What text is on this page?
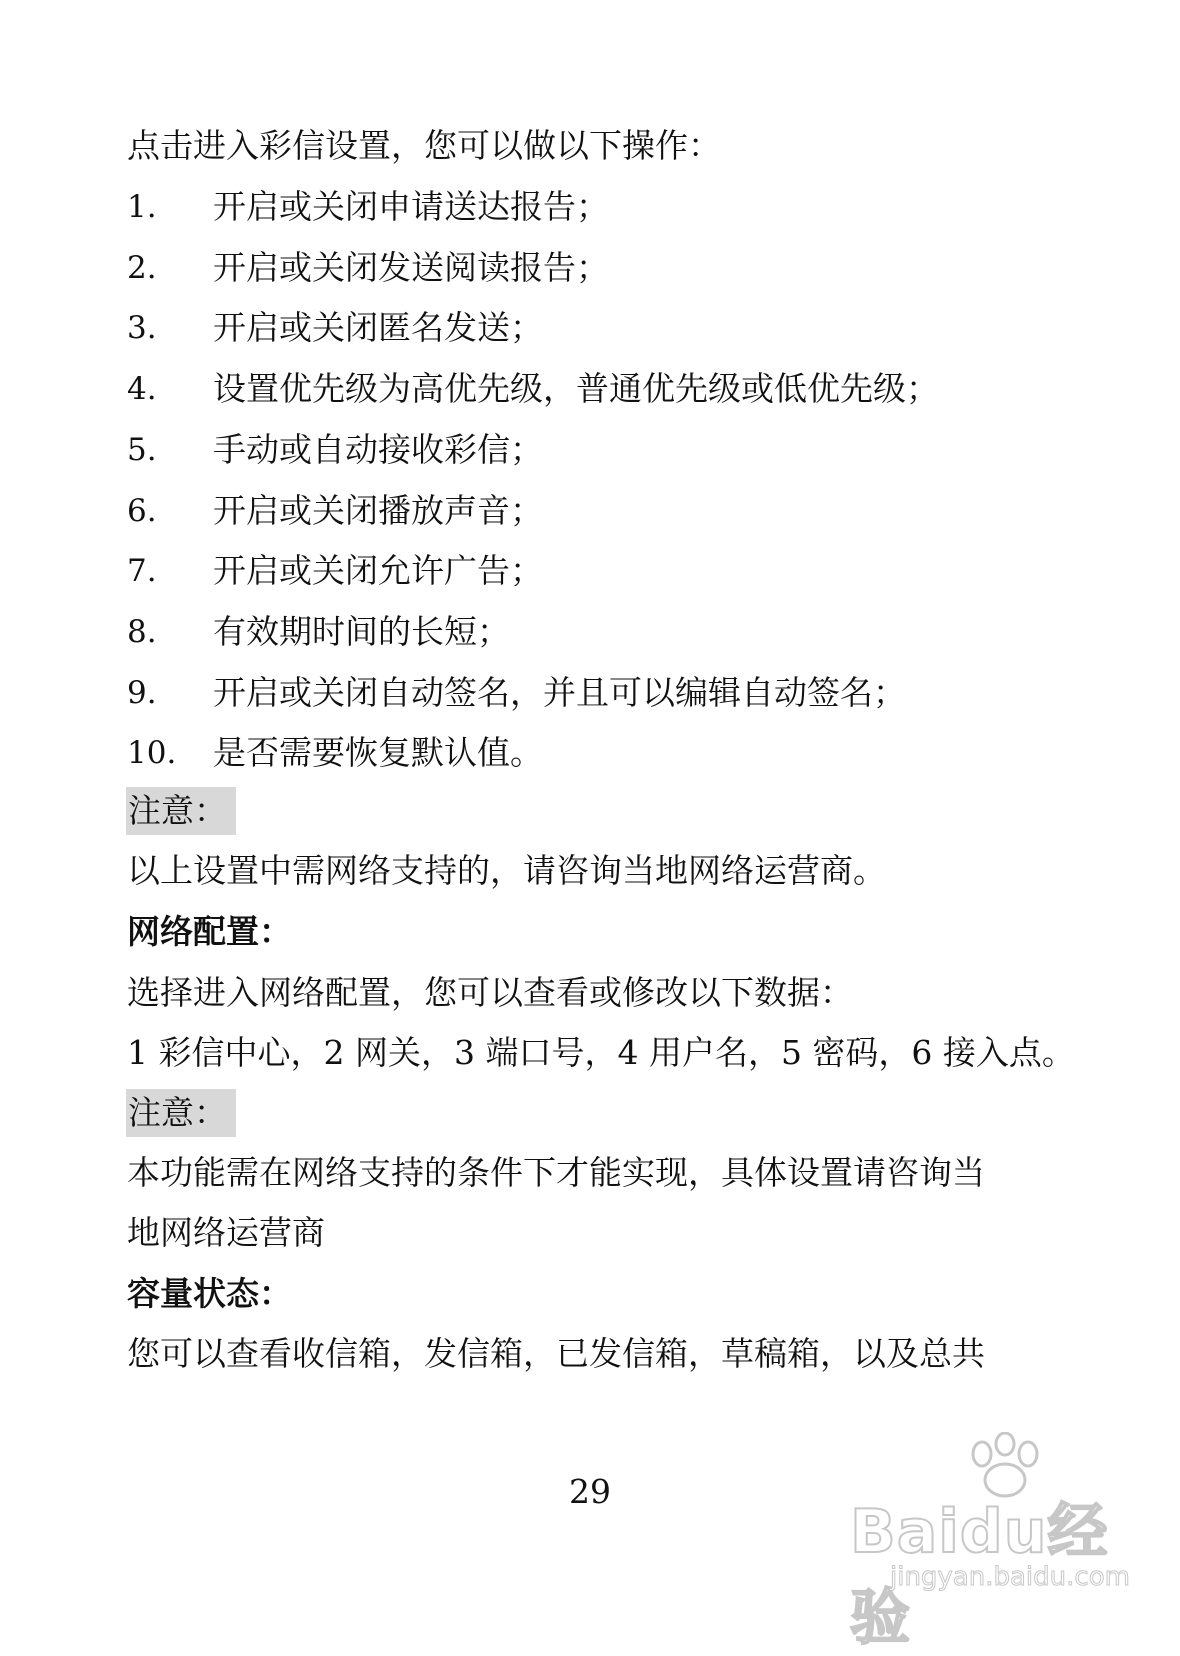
点击进入彩信设置，您可以做以下操作：
1. 开启或关闭申请送达报告；
2. 开启或关闭发送阅读报告；
3. 开启或关闭匿名发送；
4. 设置优先级为高优先级，普通优先级或低优先级；
5. 手动或自动接收彩信；
6. 开启或关闭播放声音；
7. 开启或关闭允许广告；
8. 有效期时间的长短；
9. 开启或关闭自动签名，并且可以编辑自动签名；
10. 是否需要恢复默认值。
注意：
以上设置中需网络支持的，请咨询当地网络运营商。
网络配置：
选择进入网络配置，您可以查看或修改以下数据：
1 彩信中心，2 网关，3 端口号，4 用户名，5 密码，6 接入点。
注意：
本功能需在网络支持的条件下才能实现，具体设置请咨询当
地网络运营商
容量状态：
您可以查看收信箱，发信箱，已发信箱，草稿箱，以及总共
29
Baidu经验
jingyan.baidu.com
